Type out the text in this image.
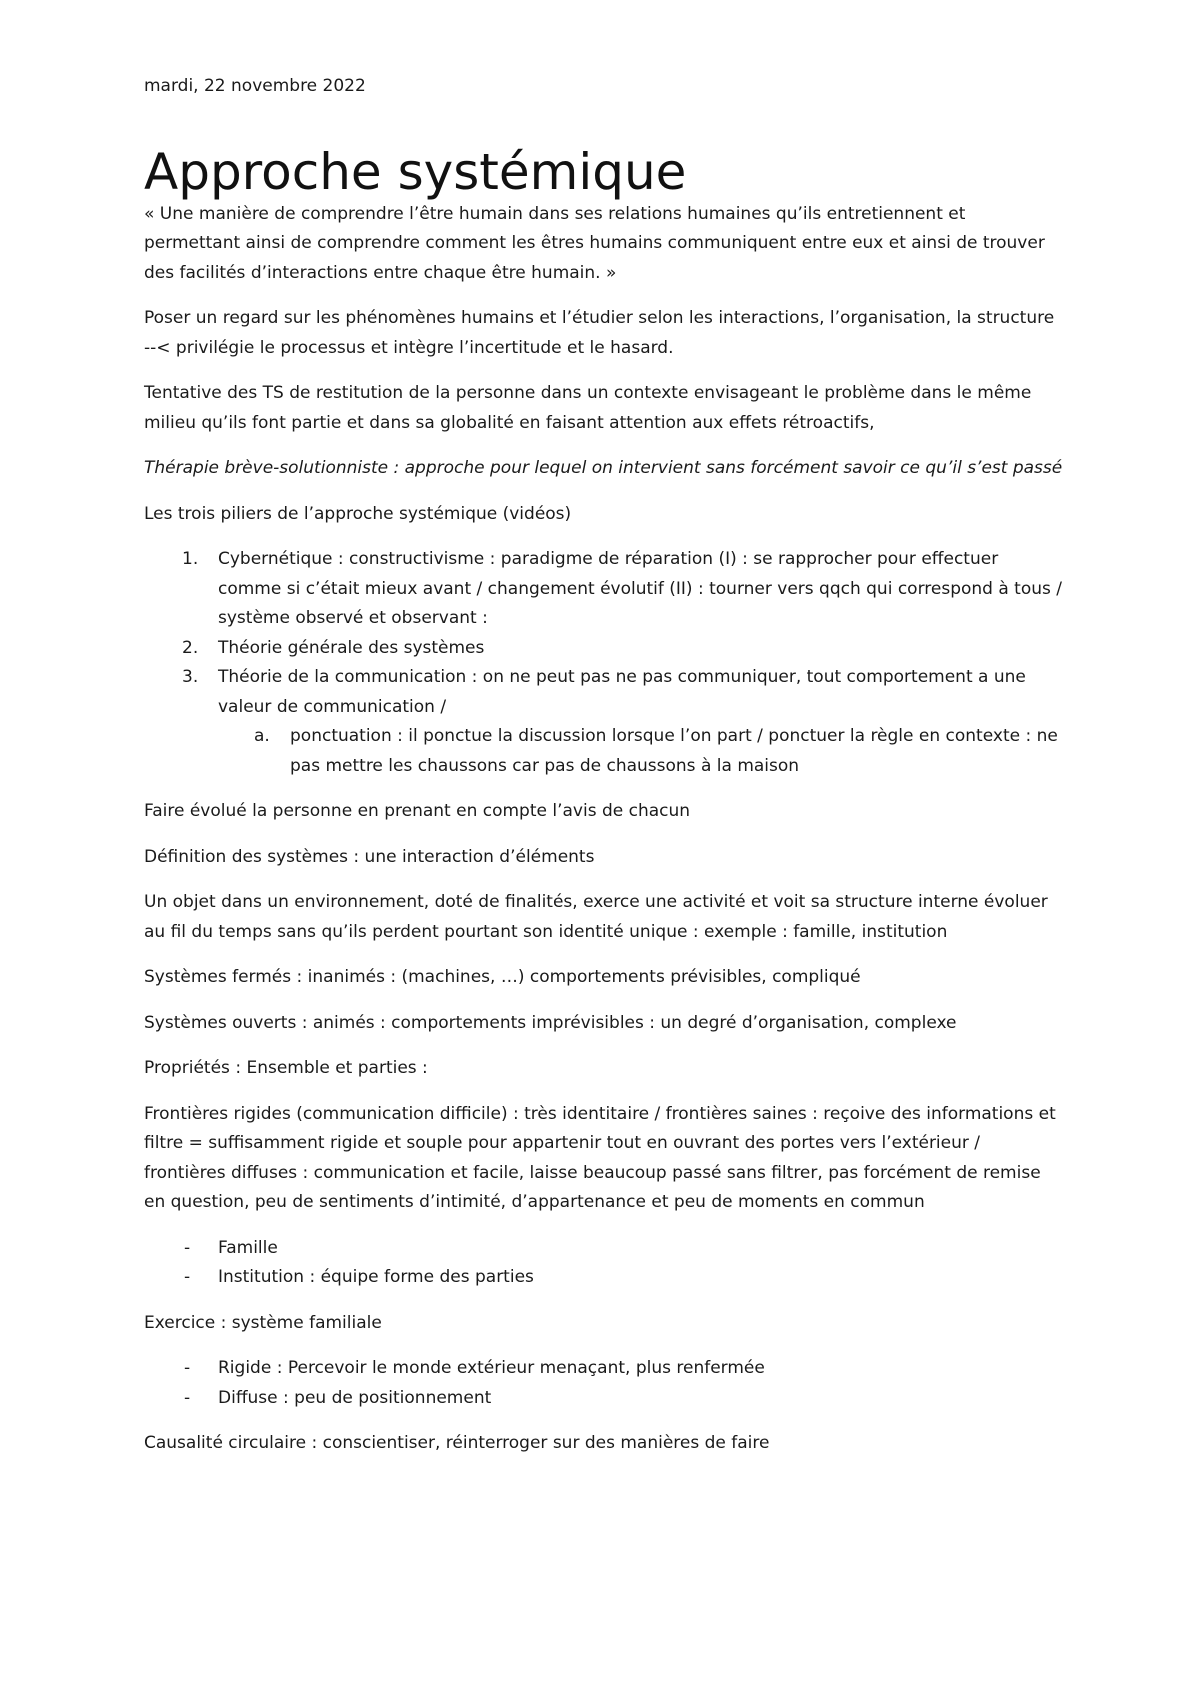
mardi, 22 novembre 2022

Approche systémique

« Une manière de comprendre l’être humain dans ses relations humaines qu’ils entretiennent et permettant ainsi de comprendre comment les êtres humains communiquent entre eux et ainsi de trouver des facilités d’interactions entre chaque être humain. »

Poser un regard sur les phénomènes humains et l’étudier selon les interactions, l’organisation, la structure --< privilégie le processus et intègre l’incertitude et le hasard.

Tentative des TS de restitution de la personne dans un contexte envisageant le problème dans le même milieu qu’ils font partie et dans sa globalité en faisant attention aux effets rétroactifs,

Thérapie brève-solutionniste : approche pour lequel on intervient sans forcément savoir ce qu’il s’est passé

Les trois piliers de l’approche systémique (vidéos)

1. Cybernétique : constructivisme : paradigme de réparation (I) : se rapprocher pour effectuer comme si c’était mieux avant / changement évolutif (II) : tourner vers qqch qui correspond à tous / système observé et observant :
2. Théorie générale des systèmes
3. Théorie de la communication : on ne peut pas ne pas communiquer, tout comportement a une valeur de communication /
a. ponctuation : il ponctue la discussion lorsque l’on part / ponctuer la règle en contexte : ne pas mettre les chaussons car pas de chaussons à la maison

Faire évolué la personne en prenant en compte l’avis de chacun

Définition des systèmes : une interaction d’éléments

Un objet dans un environnement, doté de finalités, exerce une activité et voit sa structure interne évoluer au fil du temps sans qu’ils perdent pourtant son identité unique : exemple : famille, institution

Systèmes fermés : inanimés : (machines, …) comportements prévisibles, compliqué

Systèmes ouverts : animés : comportements imprévisibles : un degré d’organisation, complexe

Propriétés : Ensemble et parties :

Frontières rigides (communication difficile) : très identitaire / frontières saines : reçoive des informations et filtre = suffisamment rigide et souple pour appartenir tout en ouvrant des portes vers l’extérieur / frontières diffuses : communication et facile, laisse beaucoup passé sans filtrer, pas forcément de remise en question, peu de sentiments d’intimité, d’appartenance et peu de moments en commun

- Famille
- Institution : équipe forme des parties

Exercice : système familiale

- Rigide : Percevoir le monde extérieur menaçant, plus renfermée
- Diffuse : peu de positionnement

Causalité circulaire : conscientiser, réinterroger sur des manières de faire
